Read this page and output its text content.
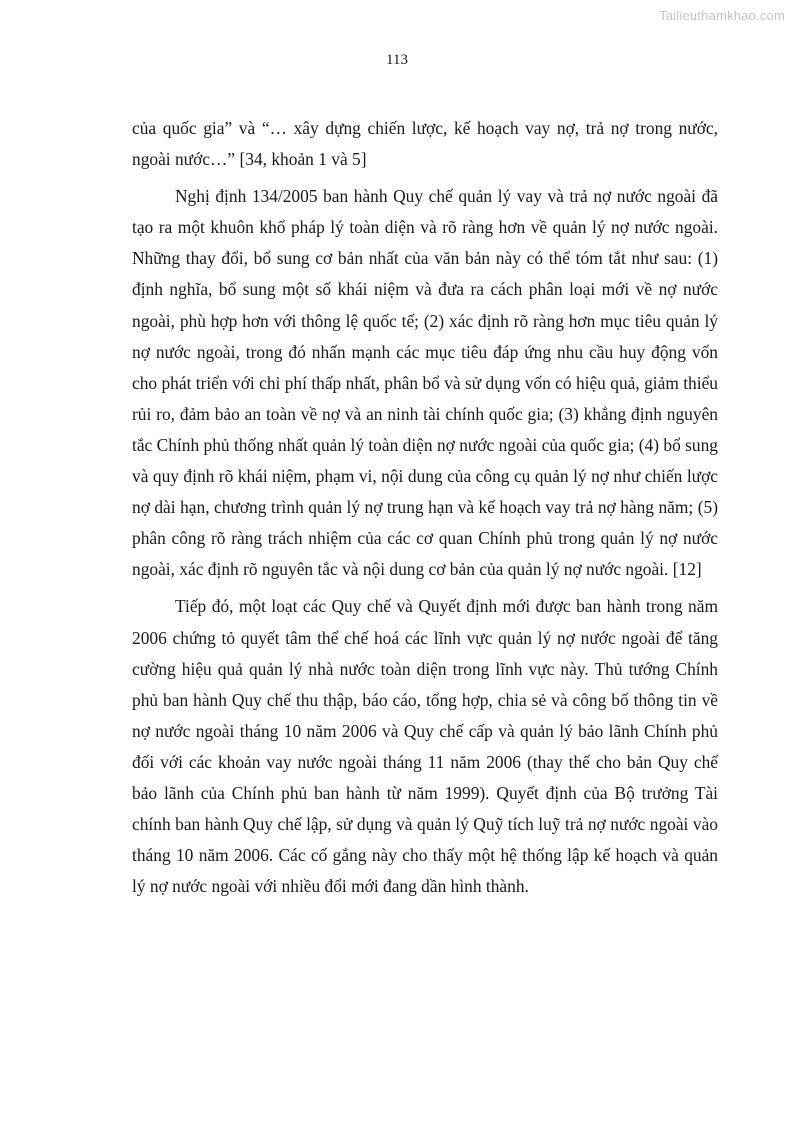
Tailieuthamkhao.com
113

của quốc gia” và “… xây dựng chiến lược, kế hoạch vay nợ, trả nợ trong nước, ngoài nước…” [34, khoản 1 và 5]

Nghị định 134/2005 ban hành Quy chế quản lý vay và trả nợ nước ngoài đã tạo ra một khuôn khổ pháp lý toàn diện và rõ ràng hơn về quản lý nợ nước ngoài. Những thay đổi, bổ sung cơ bản nhất của văn bản này có thể tóm tắt như sau: (1) định nghĩa, bổ sung một số khái niệm và đưa ra cách phân loại mới về nợ nước ngoài, phù hợp hơn với thông lệ quốc tế; (2) xác định rõ ràng hơn mục tiêu quản lý nợ nước ngoài, trong đó nhấn mạnh các mục tiêu đáp ứng nhu cầu huy động vốn cho phát triển với chi phí thấp nhất, phân bổ và sử dụng vốn có hiệu quả, giảm thiểu rủi ro, đảm bảo an toàn về nợ và an ninh tài chính quốc gia; (3) khẳng định nguyên tắc Chính phủ thống nhất quản lý toàn diện nợ nước ngoài của quốc gia; (4) bổ sung và quy định rõ khái niệm, phạm vi, nội dung của công cụ quản lý nợ như chiến lược nợ dài hạn, chương trình quản lý nợ trung hạn và kế hoạch vay trả nợ hàng năm; (5) phân công rõ ràng trách nhiệm của các cơ quan Chính phủ trong quản lý nợ nước ngoài, xác định rõ nguyên tắc và nội dung cơ bản của quản lý nợ nước ngoài. [12]

Tiếp đó, một loạt các Quy chế và Quyết định mới được ban hành trong năm 2006 chứng tỏ quyết tâm thể chế hoá các lĩnh vực quản lý nợ nước ngoài để tăng cường hiệu quả quản lý nhà nước toàn diện trong lĩnh vực này. Thủ tướng Chính phủ ban hành Quy chế thu thập, báo cáo, tổng hợp, chia sẻ và công bố thông tin về nợ nước ngoài tháng 10 năm 2006 và Quy chế cấp và quản lý bảo lãnh Chính phủ đối với các khoản vay nước ngoài tháng 11 năm 2006 (thay thế cho bản Quy chế bảo lãnh của Chính phủ ban hành từ năm 1999). Quyết định của Bộ trưởng Tài chính ban hành Quy chế lập, sử dụng và quản lý Quỹ tích luỹ trả nợ nước ngoài vào tháng 10 năm 2006. Các cố gắng này cho thấy một hệ thống lập kế hoạch và quản lý nợ nước ngoài với nhiều đổi mới đang dần hình thành.
